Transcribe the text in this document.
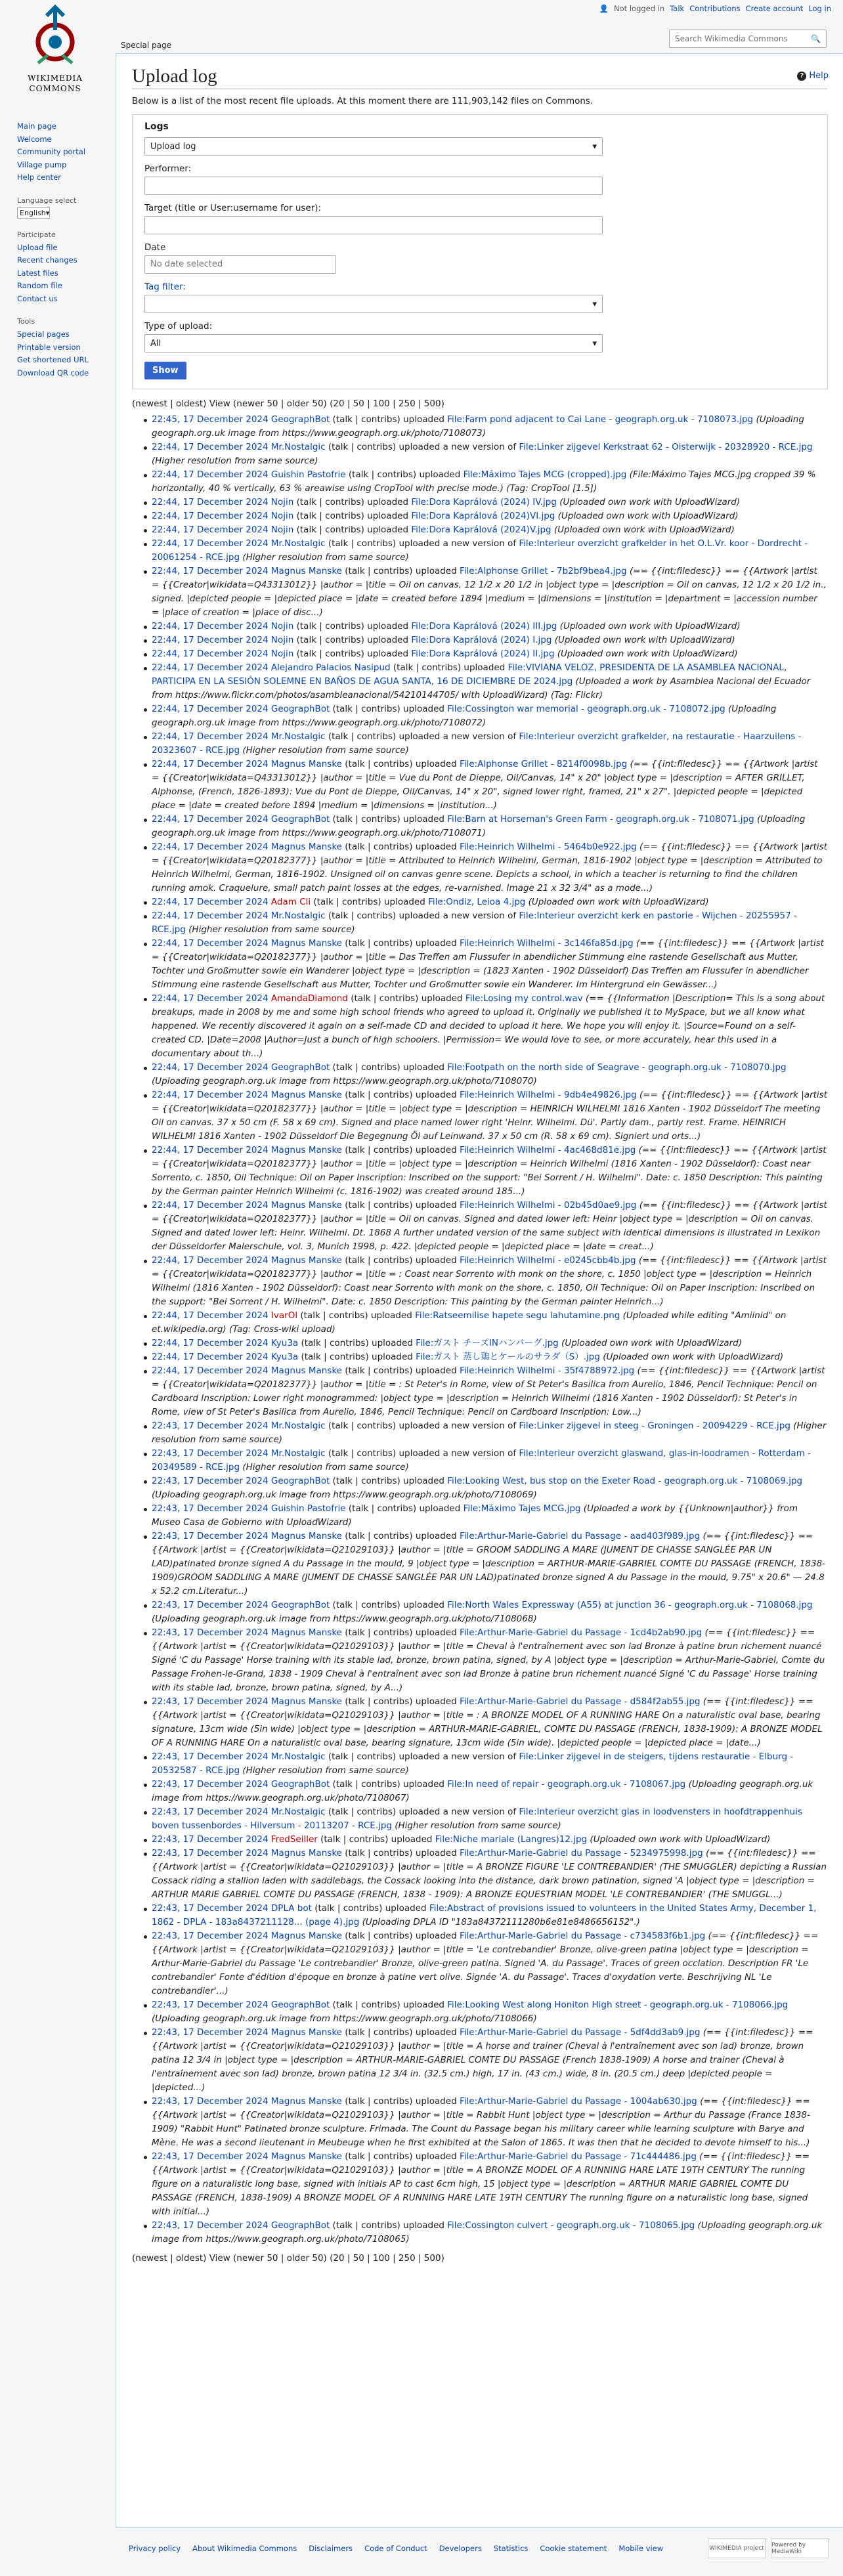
👤 Not logged in Talk Contributions Create account Log in
WIKIMEDIA
COMMONS
Special page
Search Wikimedia Commons	🔍
Main page
Welcome
Community portal
Village pump
Help center
Language select
English ▾
Participate
Upload file
Recent changes
Latest files
Random file
Contact us
Tools
Special pages
Printable version
Get shortened URL
Download QR code
? Help
Upload log

Below is a list of the most recent file uploads. At this moment there are 111,903,142 files on Commons.

Logs
Upload log	▾
Performer:
Target (title or User:username for user):
Date
No date selected
Tag filter:
▾
Type of upload:
All	▾
Show
(newest | oldest) View (newer 50 | older 50) (20 | 50 | 100 | 250 | 500)
22:45, 17 December 2024 GeographBot (talk | contribs) uploaded File:Farm pond adjacent to Cai Lane - geograph.org.uk - 7108073.jpg (Uploading geograph.org.uk image from https://www.geograph.org.uk/photo/7108073)
22:44, 17 December 2024 Mr.Nostalgic (talk | contribs) uploaded a new version of File:Linker zijgevel Kerkstraat 62 - Oisterwijk - 20328920 - RCE.jpg (Higher resolution from same source)
22:44, 17 December 2024 Guishin Pastofrie (talk | contribs) uploaded File:Máximo Tajes MCG (cropped).jpg (File:Máximo Tajes MCG.jpg cropped 39 % horizontally, 40 % vertically, 63 % areawise using CropTool with precise mode.) (Tag: CropTool [1.5])
22:44, 17 December 2024 Nojin (talk | contribs) uploaded File:Dora Kaprálová (2024) IV.jpg (Uploaded own work with UploadWizard)
22:44, 17 December 2024 Nojin (talk | contribs) uploaded File:Dora Kaprálová (2024)VI.jpg (Uploaded own work with UploadWizard)
22:44, 17 December 2024 Nojin (talk | contribs) uploaded File:Dora Kaprálová (2024)V.jpg (Uploaded own work with UploadWizard)
22:44, 17 December 2024 Mr.Nostalgic (talk | contribs) uploaded a new version of File:Interieur overzicht grafkelder in het O.L.Vr. koor - Dordrecht - 20061254 - RCE.jpg (Higher resolution from same source)
22:44, 17 December 2024 Magnus Manske (talk | contribs) uploaded File:Alphonse Grillet - 7b2bf9bea4.jpg (== {{int:filedesc}} == {{Artwork |artist = {{Creator|wikidata=Q43313012}} |author = |title = Oil on canvas, 12 1/2 x 20 1/2 in |object type = |description = Oil on canvas, 12 1/2 x 20 1/2 in., signed. |depicted people = |depicted place = |date = created before 1894 |medium = |dimensions = |institution = |department = |accession number = |place of creation = |place of disc...)
22:44, 17 December 2024 Nojin (talk | contribs) uploaded File:Dora Kaprálová (2024) III.jpg (Uploaded own work with UploadWizard)
22:44, 17 December 2024 Nojin (talk | contribs) uploaded File:Dora Kaprálová (2024) I.jpg (Uploaded own work with UploadWizard)
22:44, 17 December 2024 Nojin (talk | contribs) uploaded File:Dora Kaprálová (2024) II.jpg (Uploaded own work with UploadWizard)
22:44, 17 December 2024 Alejandro Palacios Nasipud (talk | contribs) uploaded File:VIVIANA VELOZ, PRESIDENTA DE LA ASAMBLEA NACIONAL, PARTICIPA EN LA SESIÓN SOLEMNE EN BAÑOS DE AGUA SANTA, 16 DE DICIEMBRE DE 2024.jpg (Uploaded a work by Asamblea Nacional del Ecuador from https://www.flickr.com/photos/asambleanacional/54210144705/ with UploadWizard) (Tag: Flickr)
22:44, 17 December 2024 GeographBot (talk | contribs) uploaded File:Cossington war memorial - geograph.org.uk - 7108072.jpg (Uploading geograph.org.uk image from https://www.geograph.org.uk/photo/7108072)
22:44, 17 December 2024 Mr.Nostalgic (talk | contribs) uploaded a new version of File:Interieur overzicht grafkelder, na restauratie - Haarzuilens - 20323607 - RCE.jpg (Higher resolution from same source)
22:44, 17 December 2024 Magnus Manske (talk | contribs) uploaded File:Alphonse Grillet - 8214f0098b.jpg (== {{int:filedesc}} == {{Artwork |artist = {{Creator|wikidata=Q43313012}} |author = |title = Vue du Pont de Dieppe, Oil/Canvas, 14" x 20" |object type = |description = AFTER GRILLET, Alphonse, (French, 1826-1893): Vue du Pont de Dieppe, Oil/Canvas, 14" x 20", signed lower right, framed, 21" x 27". |depicted people = |depicted place = |date = created before 1894 |medium = |dimensions = |institution...)
22:44, 17 December 2024 GeographBot (talk | contribs) uploaded File:Barn at Horseman's Green Farm - geograph.org.uk - 7108071.jpg (Uploading geograph.org.uk image from https://www.geograph.org.uk/photo/7108071)
22:44, 17 December 2024 Magnus Manske (talk | contribs) uploaded File:Heinrich Wilhelmi - 5464b0e922.jpg (== {{int:filedesc}} == {{Artwork |artist = {{Creator|wikidata=Q20182377}} |author = |title = Attributed to Heinrich Wilhelmi, German, 1816-1902 |object type = |description = Attributed to Heinrich Wilhelmi, German, 1816-1902. Unsigned oil on canvas genre scene. Depicts a school, in which a teacher is returning to find the children running amok. Craquelure, small patch paint losses at the edges, re-varnished. Image 21 x 32 3/4" as a mode...)
22:44, 17 December 2024 Adam Cli (talk | contribs) uploaded File:Ondiz, Leioa 4.jpg (Uploaded own work with UploadWizard)
22:44, 17 December 2024 Mr.Nostalgic (talk | contribs) uploaded a new version of File:Interieur overzicht kerk en pastorie - Wijchen - 20255957 - RCE.jpg (Higher resolution from same source)
22:44, 17 December 2024 Magnus Manske (talk | contribs) uploaded File:Heinrich Wilhelmi - 3c146fa85d.jpg (== {{int:filedesc}} == {{Artwork |artist = {{Creator|wikidata=Q20182377}} |author = |title = Das Treffen am Flussufer in abendlicher Stimmung eine rastende Gesellschaft aus Mutter, Tochter und Großmutter sowie ein Wanderer |object type = |description = (1823 Xanten - 1902 Düsseldorf) Das Treffen am Flussufer in abendlicher Stimmung eine rastende Gesellschaft aus Mutter, Tochter und Großmutter sowie ein Wanderer. Im Hintergrund ein Gewässer...)
22:44, 17 December 2024 AmandaDiamond (talk | contribs) uploaded File:Losing my control.wav (== {{Information |Description= This is a song about breakups, made in 2008 by me and some high school friends who agreed to upload it. Originally we published it to MySpace, but we all know what happened. We recently discovered it again on a self-made CD and decided to upload it here. We hope you will enjoy it. |Source=Found on a self-created CD. |Date=2008 |Author=Just a bunch of high schoolers. |Permission= We would love to see, or more accurately, hear this used in a documentary about th...)
22:44, 17 December 2024 GeographBot (talk | contribs) uploaded File:Footpath on the north side of Seagrave - geograph.org.uk - 7108070.jpg (Uploading geograph.org.uk image from https://www.geograph.org.uk/photo/7108070)
22:44, 17 December 2024 Magnus Manske (talk | contribs) uploaded File:Heinrich Wilhelmi - 9db4e49826.jpg (== {{int:filedesc}} == {{Artwork |artist = {{Creator|wikidata=Q20182377}} |author = |title = |object type = |description = HEINRICH WILHELMI 1816 Xanten - 1902 Düsseldorf The meeting Oil on canvas. 37 x 50 cm (F. 58 x 69 cm). Signed and place named lower right 'Heinr. Wilhelmi. Dü'. Partly dam., partly rest. Frame. HEINRICH WILHELMI 1816 Xanten - 1902 Düsseldorf Die Begegnung Öl auf Leinwand. 37 x 50 cm (R. 58 x 69 cm). Signiert und orts...)
22:44, 17 December 2024 Magnus Manske (talk | contribs) uploaded File:Heinrich Wilhelmi - 4ac468d81e.jpg (== {{int:filedesc}} == {{Artwork |artist = {{Creator|wikidata=Q20182377}} |author = |title = |object type = |description = Heinrich Wilhelmi (1816 Xanten - 1902 Düsseldorf): Coast near Sorrento, c. 1850, Oil Technique: Oil on Paper Inscription: Inscribed on the support: "Bei Sorrent / H. Wilhelmi". Date: c. 1850 Description: This painting by the German painter Heinrich Wilhelmi (c. 1816-1902) was created around 185...)
22:44, 17 December 2024 Magnus Manske (talk | contribs) uploaded File:Heinrich Wilhelmi - 02b45d0ae9.jpg (== {{int:filedesc}} == {{Artwork |artist = {{Creator|wikidata=Q20182377}} |author = |title = Oil on canvas. Signed and dated lower left: Heinr |object type = |description = Oil on canvas. Signed and dated lower left: Heinr. Wilhelmi. Dt. 1868 A further undated version of the same subject with identical dimensions is illustrated in Lexikon der Düsseldorfer Malerschule, vol. 3, Munich 1998, p. 422. |depicted people = |depicted place = |date = creat...)
22:44, 17 December 2024 Magnus Manske (talk | contribs) uploaded File:Heinrich Wilhelmi - e0245cbb4b.jpg (== {{int:filedesc}} == {{Artwork |artist = {{Creator|wikidata=Q20182377}} |author = |title = : Coast near Sorrento with monk on the shore, c. 1850 |object type = |description = Heinrich Wilhelmi (1816 Xanten - 1902 Düsseldorf): Coast near Sorrento with monk on the shore, c. 1850, Oil Technique: Oil on Paper Inscription: Inscribed on the support: "Bei Sorrent / H. Wilhelmi". Date: c. 1850 Description: This painting by the German painter Heinrich...)
22:44, 17 December 2024 IvarOl (talk | contribs) uploaded File:Ratseemilise hapete segu lahutamine.png (Uploaded while editing "Amiinid" on et.wikipedia.org) (Tag: Cross-wiki upload)
22:44, 17 December 2024 Kyu3a (talk | contribs) uploaded File:ガスト チーズINハンバーグ.jpg (Uploaded own work with UploadWizard)
22:44, 17 December 2024 Kyu3a (talk | contribs) uploaded File:ガスト 蒸し鶏とケールのサラダ（S）.jpg (Uploaded own work with UploadWizard)
22:44, 17 December 2024 Magnus Manske (talk | contribs) uploaded File:Heinrich Wilhelmi - 35f4788972.jpg (== {{int:filedesc}} == {{Artwork |artist = {{Creator|wikidata=Q20182377}} |author = |title = : St Peter's in Rome, view of St Peter's Basilica from Aurelio, 1846, Pencil Technique: Pencil on Cardboard Inscription: Lower right monogrammed: |object type = |description = Heinrich Wilhelmi (1816 Xanten - 1902 Düsseldorf): St Peter's in Rome, view of St Peter's Basilica from Aurelio, 1846, Pencil Technique: Pencil on Cardboard Inscription: Low...)
22:43, 17 December 2024 Mr.Nostalgic (talk | contribs) uploaded a new version of File:Linker zijgevel in steeg - Groningen - 20094229 - RCE.jpg (Higher resolution from same source)
22:43, 17 December 2024 Mr.Nostalgic (talk | contribs) uploaded a new version of File:Interieur overzicht glaswand, glas-in-loodramen - Rotterdam - 20349589 - RCE.jpg (Higher resolution from same source)
22:43, 17 December 2024 GeographBot (talk | contribs) uploaded File:Looking West, bus stop on the Exeter Road - geograph.org.uk - 7108069.jpg (Uploading geograph.org.uk image from https://www.geograph.org.uk/photo/7108069)
22:43, 17 December 2024 Guishin Pastofrie (talk | contribs) uploaded File:Máximo Tajes MCG.jpg (Uploaded a work by {{Unknown|author}} from Museo Casa de Gobierno with UploadWizard)
22:43, 17 December 2024 Magnus Manske (talk | contribs) uploaded File:Arthur-Marie-Gabriel du Passage - aad403f989.jpg (== {{int:filedesc}} == {{Artwork |artist = {{Creator|wikidata=Q21029103}} |author = |title = GROOM SADDLING A MARE (JUMENT DE CHASSE SANGLÉE PAR UN LAD)patinated bronze signed A du Passage in the mould, 9 |object type = |description = ARTHUR-MARIE-GABRIEL COMTE DU PASSAGE (FRENCH, 1838-1909)GROOM SADDLING A MARE (JUMENT DE CHASSE SANGLÉE PAR UN LAD)patinated bronze signed A du Passage in the mould, 9.75" x 20.6" — 24.8 x 52.2 cm.Literatur...)
22:43, 17 December 2024 GeographBot (talk | contribs) uploaded File:North Wales Expressway (A55) at junction 36 - geograph.org.uk - 7108068.jpg (Uploading geograph.org.uk image from https://www.geograph.org.uk/photo/7108068)
22:43, 17 December 2024 Magnus Manske (talk | contribs) uploaded File:Arthur-Marie-Gabriel du Passage - 1cd4b2ab90.jpg (== {{int:filedesc}} == {{Artwork |artist = {{Creator|wikidata=Q21029103}} |author = |title = Cheval à l'entraînement avec son lad Bronze à patine brun richement nuancé Signé 'C du Passage' Horse training with its stable lad, bronze, brown patina, signed, by A |object type = |description = Arthur-Marie-Gabriel, Comte du Passage Frohen-le-Grand, 1838 - 1909 Cheval à l'entraînent avec son lad Bronze à patine brun richement nuancé Signé 'C du Passage' Horse training with its stable lad, bronze, brown patina, signed, by A...)
22:43, 17 December 2024 Magnus Manske (talk | contribs) uploaded File:Arthur-Marie-Gabriel du Passage - d584f2ab55.jpg (== {{int:filedesc}} == {{Artwork |artist = {{Creator|wikidata=Q21029103}} |author = |title = : A BRONZE MODEL OF A RUNNING HARE On a naturalistic oval base, bearing signature, 13cm wide (5in wide) |object type = |description = ARTHUR-MARIE-GABRIEL, COMTE DU PASSAGE (FRENCH, 1838-1909): A BRONZE MODEL OF A RUNNING HARE On a naturalistic oval base, bearing signature, 13cm wide (5in wide). |depicted people = |depicted place = |date...)
22:43, 17 December 2024 Mr.Nostalgic (talk | contribs) uploaded a new version of File:Linker zijgevel in de steigers, tijdens restauratie - Elburg - 20532587 - RCE.jpg (Higher resolution from same source)
22:43, 17 December 2024 GeographBot (talk | contribs) uploaded File:In need of repair - geograph.org.uk - 7108067.jpg (Uploading geograph.org.uk image from https://www.geograph.org.uk/photo/7108067)
22:43, 17 December 2024 Mr.Nostalgic (talk | contribs) uploaded a new version of File:Interieur overzicht glas in loodvensters in hoofdtrappenhuis boven tussenbordes - Hilversum - 20113207 - RCE.jpg (Higher resolution from same source)
22:43, 17 December 2024 FredSeiller (talk | contribs) uploaded File:Niche mariale (Langres)12.jpg (Uploaded own work with UploadWizard)
22:43, 17 December 2024 Magnus Manske (talk | contribs) uploaded File:Arthur-Marie-Gabriel du Passage - 5234975998.jpg (== {{int:filedesc}} == {{Artwork |artist = {{Creator|wikidata=Q21029103}} |author = |title = A BRONZE FIGURE 'LE CONTREBANDIER' (THE SMUGGLER) depicting a Russian Cossack riding a stallion laden with saddlebags, the Cossack looking into the distance, dark brown patination, signed 'A |object type = |description = ARTHUR MARIE GABRIEL COMTE DU PASSAGE (FRENCH, 1838 - 1909): A BRONZE EQUESTRIAN MODEL 'LE CONTREBANDIER' (THE SMUGGL...)
22:43, 17 December 2024 DPLA bot (talk | contribs) uploaded File:Abstract of provisions issued to volunteers in the United States Army, December 1, 1862 - DPLA - 183a8437211128... (page 4).jpg (Uploading DPLA ID "183a84372111280b6e81e8486656152".)
22:43, 17 December 2024 Magnus Manske (talk | contribs) uploaded File:Arthur-Marie-Gabriel du Passage - c734583f6b1.jpg (== {{int:filedesc}} == {{Artwork |artist = {{Creator|wikidata=Q21029103}} |author = |title = 'Le contrebandier' Bronze, olive-green patina |object type = |description = Arthur-Marie-Gabriel du Passage 'Le contrebandier' Bronze, olive-green patina. Signed 'A. du Passage'. Traces of green occlation. Description FR 'Le contrebandier' Fonte d'édition d'époque en bronze à patine vert olive. Signée 'A. du Passage'. Traces d'oxydation verte. Beschrijving NL 'Le contrebandier'...)
22:43, 17 December 2024 GeographBot (talk | contribs) uploaded File:Looking West along Honiton High street - geograph.org.uk - 7108066.jpg (Uploading geograph.org.uk image from https://www.geograph.org.uk/photo/7108066)
22:43, 17 December 2024 Magnus Manske (talk | contribs) uploaded File:Arthur-Marie-Gabriel du Passage - 5df4dd3ab9.jpg (== {{int:filedesc}} == {{Artwork |artist = {{Creator|wikidata=Q21029103}} |author = |title = A horse and trainer (Cheval à l'entraînement avec son lad) bronze, brown patina 12 3/4 in |object type = |description = ARTHUR-MARIE-GABRIEL COMTE DU PASSAGE (French 1838-1909) A horse and trainer (Cheval à l'entraînement avec son lad) bronze, brown patina 12 3/4 in. (32.5 cm.) high, 17 in. (43 cm.) wide, 8 in. (20.5 cm.) deep |depicted people = |depicted...)
22:43, 17 December 2024 Magnus Manske (talk | contribs) uploaded File:Arthur-Marie-Gabriel du Passage - 1004ab630.jpg (== {{int:filedesc}} == {{Artwork |artist = {{Creator|wikidata=Q21029103}} |author = |title = Rabbit Hunt |object type = |description = Arthur du Passage (France 1838-1909) "Rabbit Hunt" Patinated bronze sculpture. Frimada. The Count du Passage began his military career while learning sculpture with Barye and Mène. He was a second lieutenant in Meubeuge when he first exhibited at the Salon of 1865. It was then that he decided to devote himself to his...)
22:43, 17 December 2024 Magnus Manske (talk | contribs) uploaded File:Arthur-Marie-Gabriel du Passage - 71c444486.jpg (== {{int:filedesc}} == {{Artwork |artist = {{Creator|wikidata=Q21029103}} |author = |title = A BRONZE MODEL OF A RUNNING HARE LATE 19TH CENTURY The running figure on a naturalistic long base, signed with initials AP to cast 6cm high, 15 |object type = |description = ARTHUR MARIE GABRIEL COMTE DU PASSAGE (FRENCH, 1838-1909) A BRONZE MODEL OF A RUNNING HARE LATE 19TH CENTURY The running figure on a naturalistic long base, signed with initial...)
22:43, 17 December 2024 GeographBot (talk | contribs) uploaded File:Cossington culvert - geograph.org.uk - 7108065.jpg (Uploading geograph.org.uk image from https://www.geograph.org.uk/photo/7108065)
(newest | oldest) View (newer 50 | older 50) (20 | 50 | 100 | 250 | 500)
Privacy policy About Wikimedia Commons Disclaimers Code of Conduct Developers Statistics Cookie statement Mobile view	WIKIMEDIA project Powered by MediaWiki
